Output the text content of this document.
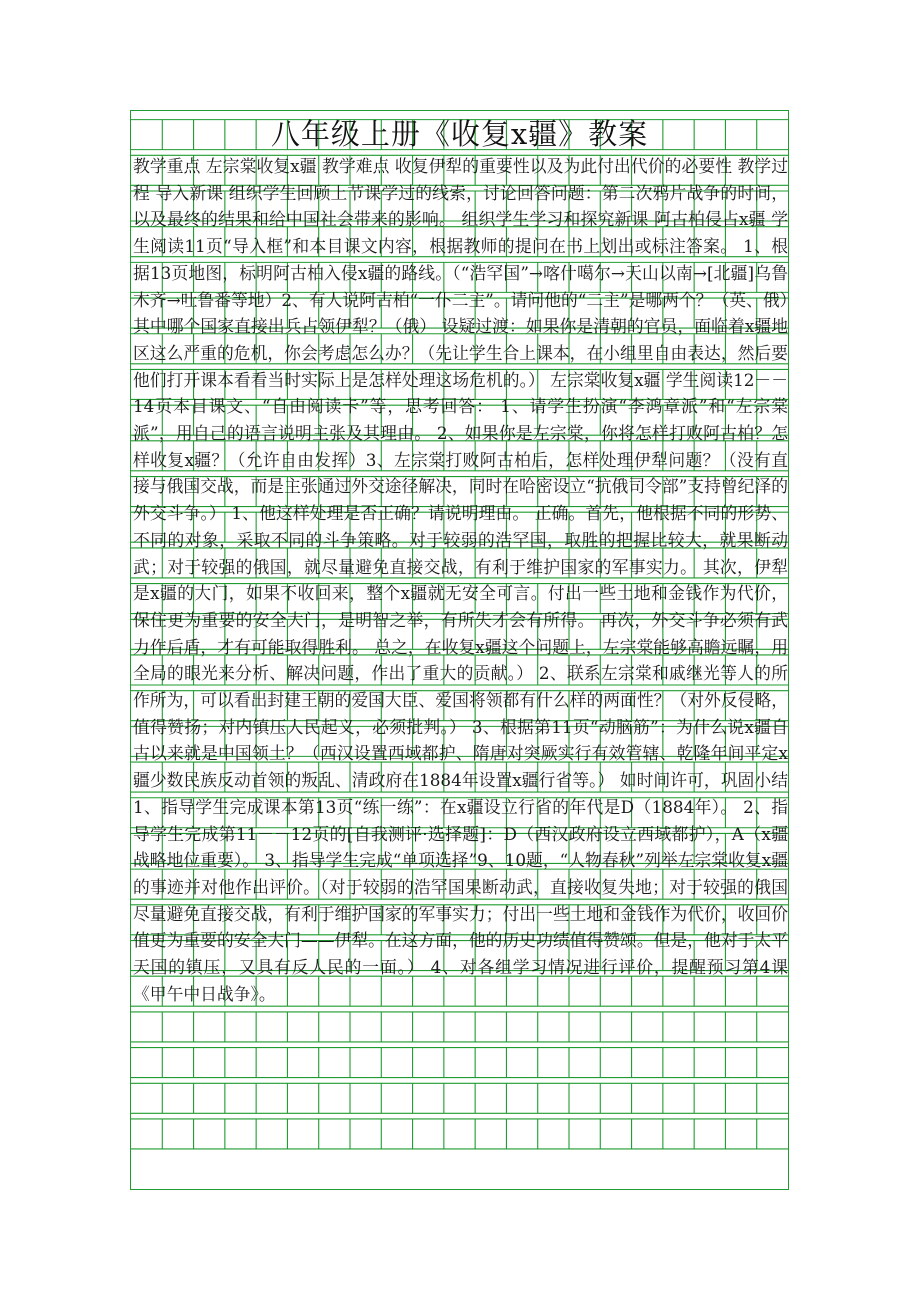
八年级上册《收复x疆》教案

教学重点 左宗棠收复x疆 教学难点 收复伊犁的重要性以及为此付出代价的必要性 教学过程 导入新课 组织学生回顾上节课学过的线索，讨论回答问题：第二次鸦片战争的时间，以及最终的结果和给中国社会带来的影响。 组织学生学习和探究新课 阿古柏侵占x疆 学生阅读11页“导入框”和本目课文内容，根据教师的提问在书上划出或标注答案。 1、根据13页地图，标明阿古柏入侵x疆的路线。（“浩罕国”→喀什噶尔→天山以南→[北疆]乌鲁木齐→吐鲁番等地）2、有人说阿古柏“一仆二主”。请问他的“二主”是哪两个？（英、俄）其中哪个国家直接出兵占领伊犁？（俄） 设疑过渡：如果你是清朝的官员，面临着x疆地区这么严重的危机，你会考虑怎么办？（先让学生合上课本，在小组里自由表达，然后要他们打开课本看看当时实际上是怎样处理这场危机的。） 左宗棠收复x疆 学生阅读12－－14页本目课文、“自由阅读卡”等，思考回答： 1、请学生扮演“李鸿章派”和“左宗棠派”，用自己的语言说明主张及其理由。 2、如果你是左宗棠，你将怎样打败阿古柏？怎样收复x疆？（允许自由发挥）3、左宗棠打败阿古柏后，怎样处理伊犁问题？（没有直接与俄国交战，而是主张通过外交途径解决，同时在哈密设立“抗俄司令部”支持曾纪泽的外交斗争。） 1、他这样处理是否正确？请说明理由。 正确。首先，他根据不同的形势、不同的对象，采取不同的斗争策略。对于较弱的浩罕国，取胜的把握比较大，就果断动武；对于较强的俄国，就尽量避免直接交战，有利于维护国家的军事实力。 其次，伊犁是x疆的大门，如果不收回来，整个x疆就无安全可言。付出一些土地和金钱作为代价，保住更为重要的安全大门，是明智之举，有所失才会有所得。 再次，外交斗争必须有武力作后盾，才有可能取得胜利。 总之，在收复x疆这个问题上，左宗棠能够高瞻远瞩，用全局的眼光来分析、解决问题，作出了重大的贡献。） 2、联系左宗棠和戚继光等人的所作所为，可以看出封建王朝的爱国大臣、爱国将领都有什么样的两面性？（对外反侵略，值得赞扬；对内镇压人民起义，必须批判。） 3、根据第11页“动脑筋”：为什么说x疆自古以来就是中国领土？（西汉设置西域都护、隋唐对突厥实行有效管辖、乾隆年间平定x疆少数民族反动首领的叛乱、清政府在1884年设置x疆行省等。） 如时间许可，巩固小结 1、指导学生完成课本第13页“练一练”：在x疆设立行省的年代是D（1884年）。 2、指导学生完成第11－－12页的[自我测评·选择题]：D（西汉政府设立西域都护），A（x疆战略地位重要）。 3、指导学生完成“单项选择”9、10题，“人物春秋”列举左宗棠收复x疆的事迹并对他作出评价。（对于较弱的浩罕国果断动武，直接收复失地；对于较强的俄国尽量避免直接交战，有利于维护国家的军事实力；付出一些土地和金钱作为代价，收回价值更为重要的安全大门——伊犁。在这方面，他的历史功绩值得赞颂。但是，他对于太平天国的镇压，又具有反人民的一面。） 4、对各组学习情况进行评价，提醒预习第4课《甲午中日战争》。
